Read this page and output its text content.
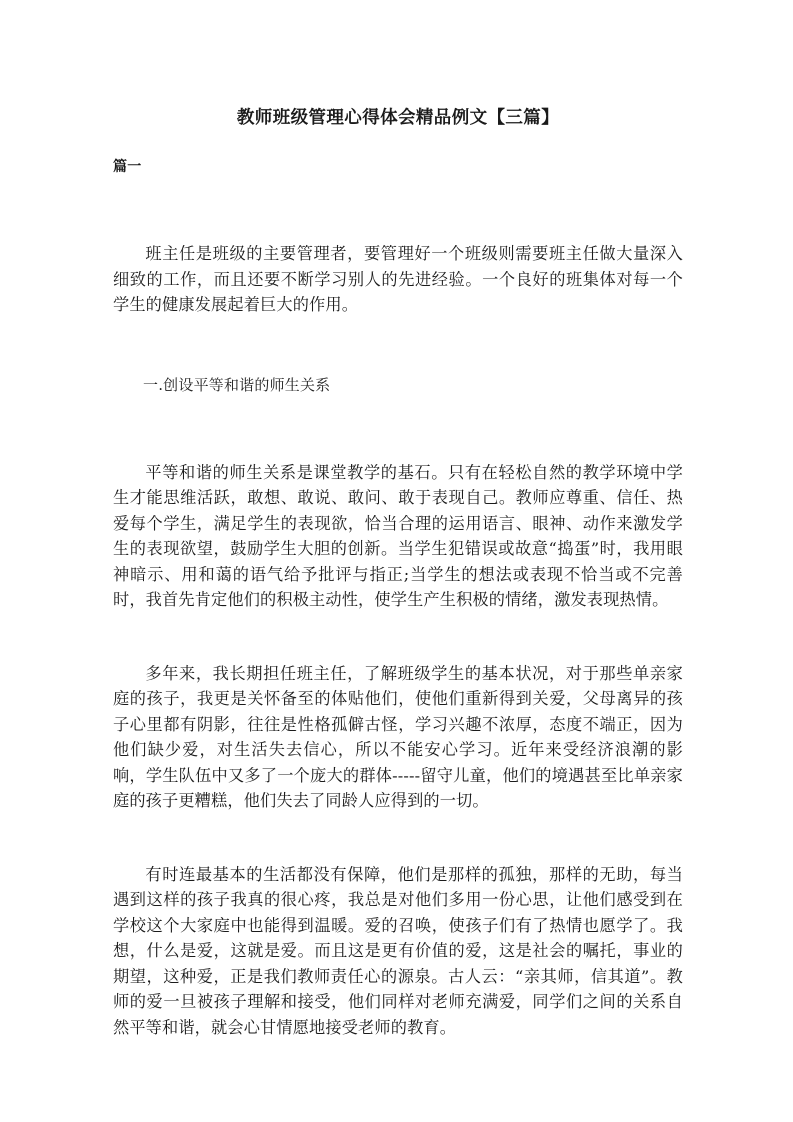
教师班级管理心得体会精品例文【三篇】
篇一

班主任是班级的主要管理者，要管理好一个班级则需要班主任做大量深入细致的工作，而且还要不断学习别人的先进经验。一个良好的班集体对每一个学生的健康发展起着巨大的作用。

一.创设平等和谐的师生关系

平等和谐的师生关系是课堂教学的基石。只有在轻松自然的教学环境中学生才能思维活跃，敢想、敢说、敢问、敢于表现自己。教师应尊重、信任、热爱每个学生，满足学生的表现欲，恰当合理的运用语言、眼神、动作来激发学生的表现欲望，鼓励学生大胆的创新。当学生犯错误或故意“捣蛋”时，我用眼神暗示、用和蔼的语气给予批评与指正;当学生的想法或表现不恰当或不完善时，我首先肯定他们的积极主动性，使学生产生积极的情绪，激发表现热情。

多年来，我长期担任班主任，了解班级学生的基本状况，对于那些单亲家庭的孩子，我更是关怀备至的体贴他们，使他们重新得到关爱，父母离异的孩子心里都有阴影，往往是性格孤僻古怪，学习兴趣不浓厚，态度不端正，因为他们缺少爱，对生活失去信心，所以不能安心学习。近年来受经济浪潮的影响，学生队伍中又多了一个庞大的群体-----留守儿童，他们的境遇甚至比单亲家庭的孩子更糟糕，他们失去了同龄人应得到的一切。

有时连最基本的生活都没有保障，他们是那样的孤独，那样的无助，每当遇到这样的孩子我真的很心疼，我总是对他们多用一份心思，让他们感受到在学校这个大家庭中也能得到温暖。爱的召唤，使孩子们有了热情也愿学了。我想，什么是爱，这就是爱。而且这是更有价值的爱，这是社会的嘱托，事业的期望，这种爱，正是我们教师责任心的源泉。古人云：“亲其师，信其道”。教师的爱一旦被孩子理解和接受，他们同样对老师充满爱，同学们之间的关系自然平等和谐，就会心甘情愿地接受老师的教育。
